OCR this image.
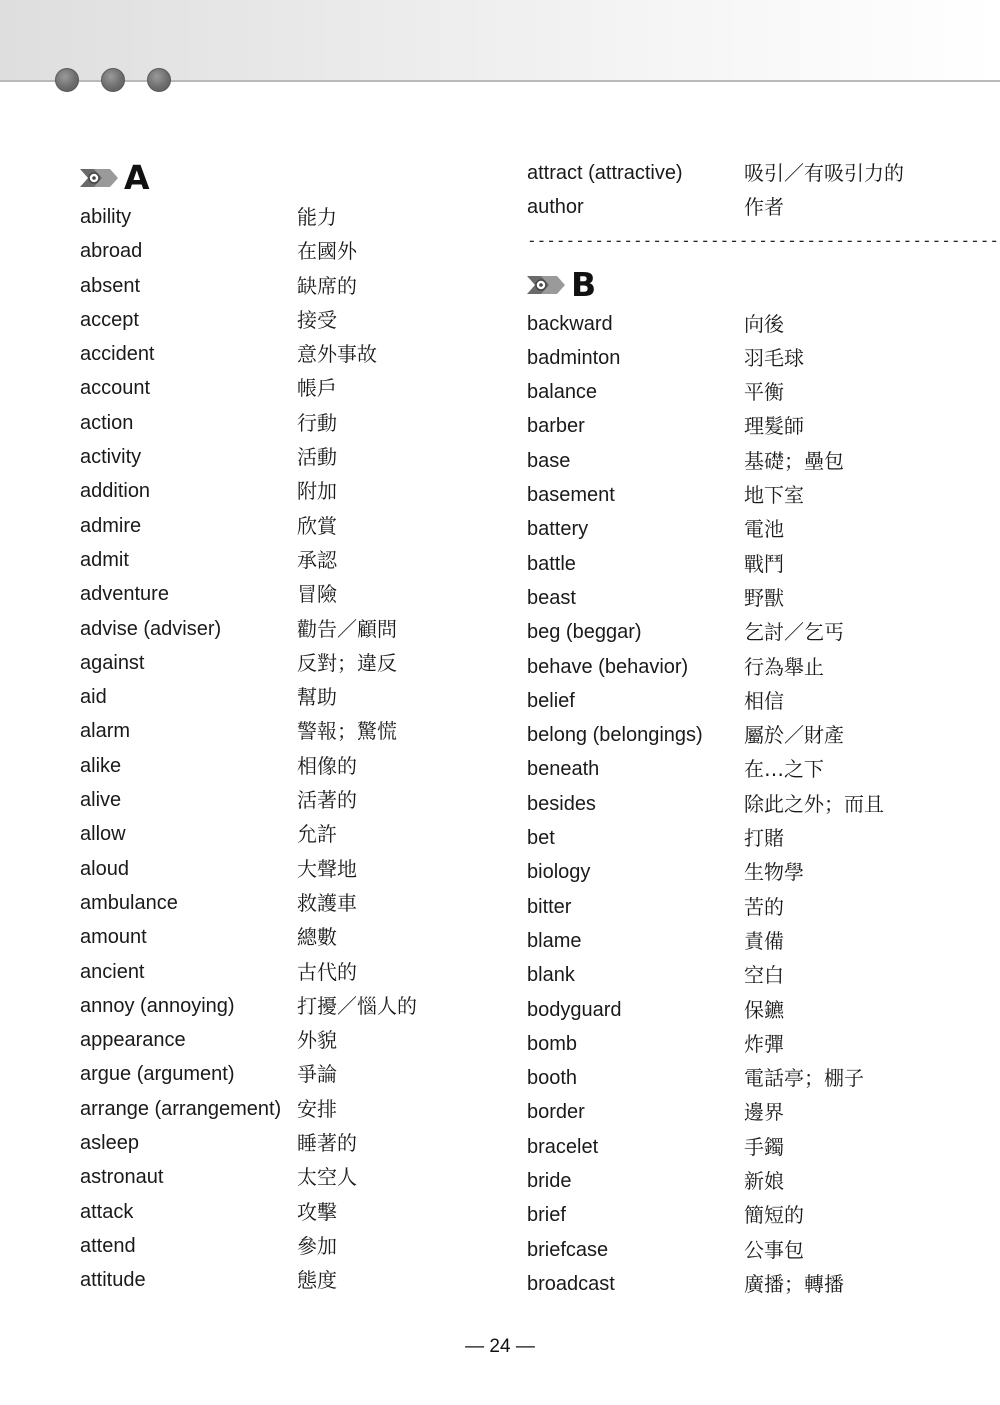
A
ability	能力
abroad	在國外
absent	缺席的
accept	接受
accident	意外事故
account	帳戶
action	行動
activity	活動
addition	附加
admire	欣賞
admit	承認
adventure	冒險
advise (adviser)	勸告／顧問
against	反對；違反
aid	幫助
alarm	警報；驚慌
alike	相像的
alive	活著的
allow	允許
aloud	大聲地
ambulance	救護車
amount	總數
ancient	古代的
annoy (annoying)	打擾／惱人的
appearance	外貌
argue (argument)	爭論
arrange (arrangement) 安排
asleep	睡著的
astronaut	太空人
attack	攻擊
attend	參加
attitude	態度
attract (attractive)	吸引／有吸引力的
author	作者
-------------------------------------------------
B
backward	向後
badminton	羽毛球
balance	平衡
barber	理髮師
base	基礎；壘包
basement	地下室
battery	電池
battle	戰鬥
beast	野獸
beg (beggar)	乞討／乞丐
behave (behavior)	行為舉止
belief	相信
belong (belongings)	屬於／財產
beneath	在…之下
besides	除此之外；而且
bet	打賭
biology	生物學
bitter	苦的
blame	責備
blank	空白
bodyguard	保鑣
bomb	炸彈
booth	電話亭；棚子
border	邊界
bracelet	手鐲
bride	新娘
brief	簡短的
briefcase	公事包
broadcast	廣播；轉播
— 24 —
